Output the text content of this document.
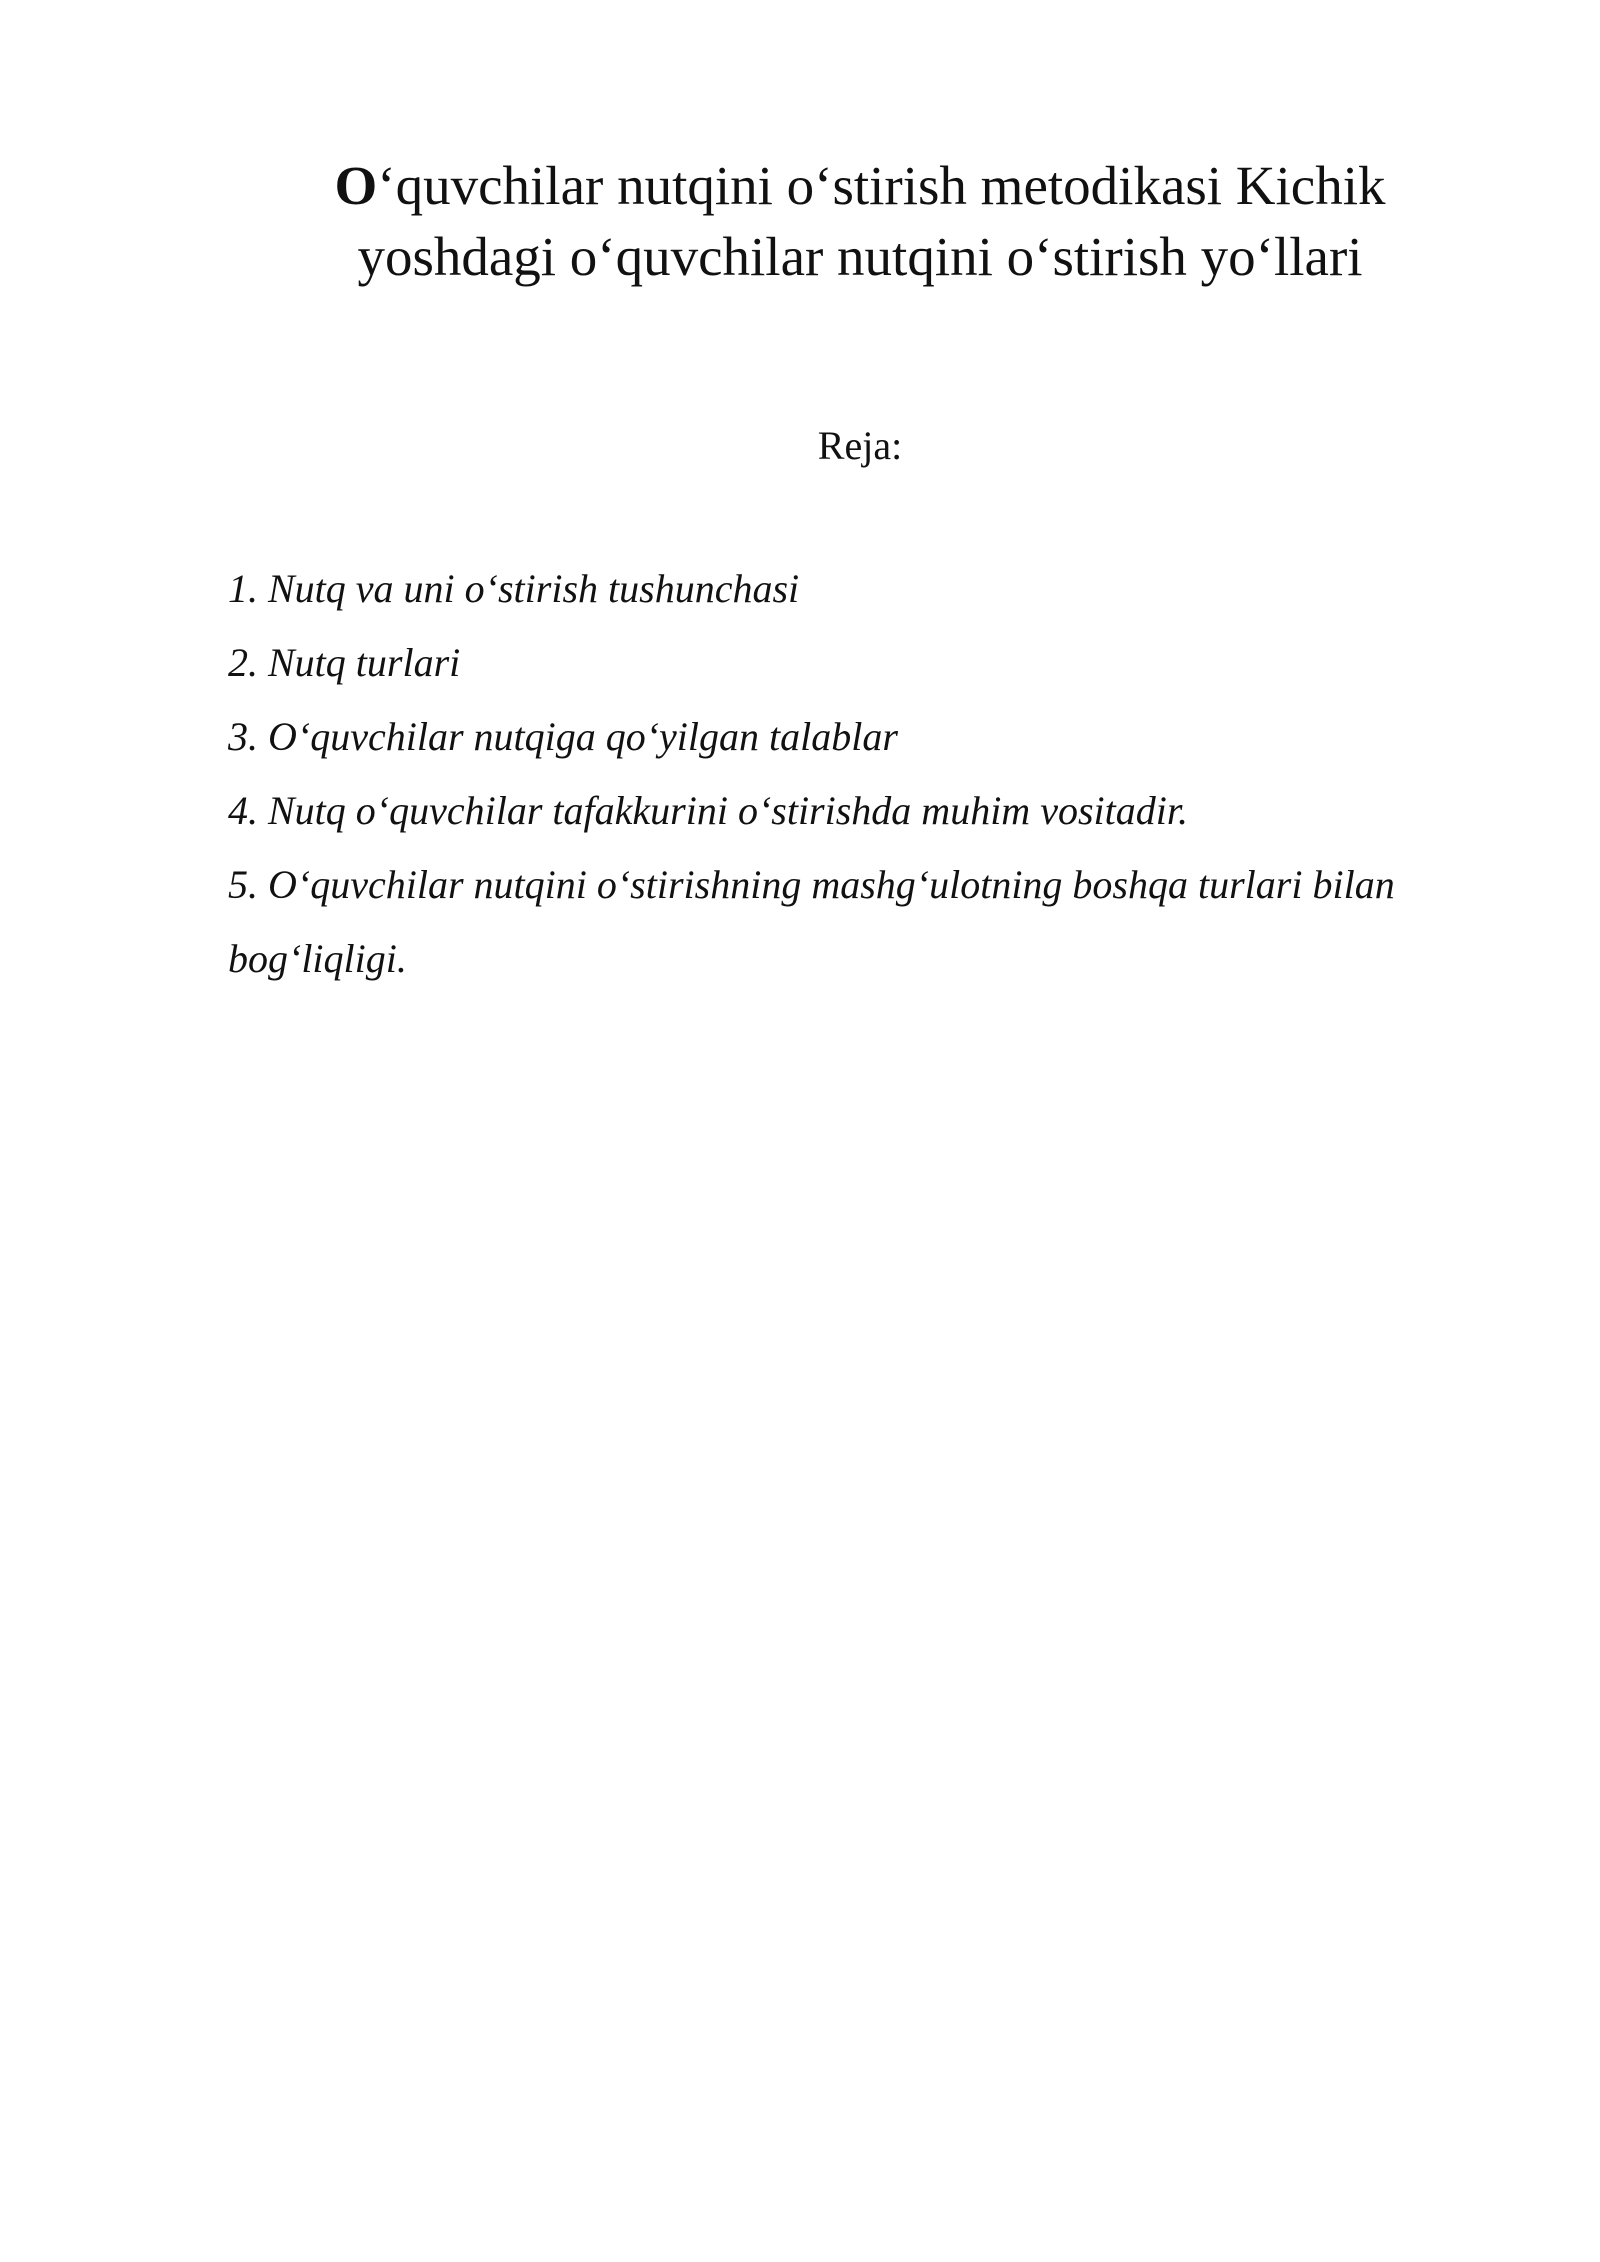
O‘quvchilar nutqini o‘stirish metodikasi Kichik yoshdagi o‘quvchilar nutqini o‘stirish yo‘llari

Reja:

1. Nutq va uni o‘stirish tushunchasi
2. Nutq turlari
3. O‘quvchilar nutqiga qo‘yilgan talablar
4. Nutq o‘quvchilar tafakkurini o‘stirishda muhim vositadir.
5. O‘quvchilar nutqini o‘stirishning mashg‘ulotning boshqa turlari bilan bog‘liqligi.
